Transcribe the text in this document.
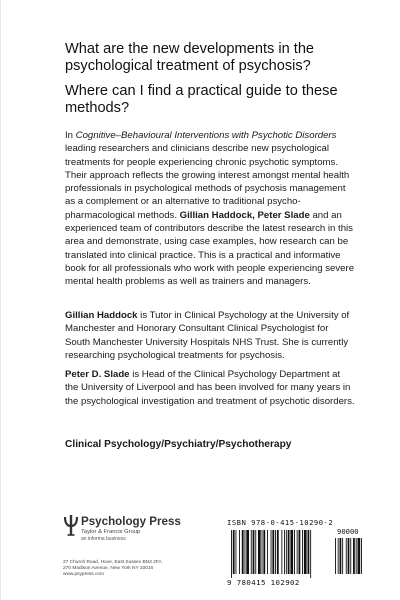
What are the new developments in the psychological treatment of psychosis?

Where can I find a practical guide to these methods?

In Cognitive–Behavioural Interventions with Psychotic Disorders leading researchers and clinicians describe new psychological treatments for people experiencing chronic psychotic symptoms. Their approach reflects the growing interest amongst mental health professionals in psychological methods of psychosis management as a complement or an alternative to traditional psycho-pharmacological methods. Gillian Haddock, Peter Slade and an experienced team of contributors describe the latest research in this area and demonstrate, using case examples, how research can be translated into clinical practice. This is a practical and informative book for all professionals who work with people experiencing severe mental health problems as well as trainers and managers.

Gillian Haddock is Tutor in Clinical Psychology at the University of Manchester and Honorary Consultant Clinical Psychologist for South Manchester University Hospitals NHS Trust. She is currently researching psychological treatments for psychosis.

Peter D. Slade is Head of the Clinical Psychology Department at the University of Liverpool and has been involved for many years in the psychological investigation and treatment of psychotic disorders.

Clinical Psychology/Psychiatry/Psychotherapy

Psychology Press
Taylor & Francis Group
an informa business
27 Church Road, Hove, East Sussex BN3 2FA
270 Madison Avenue, New York NY 10016
www.psypress.com
ISBN 978-0-415-10290-2
9 780415 102902
90000
